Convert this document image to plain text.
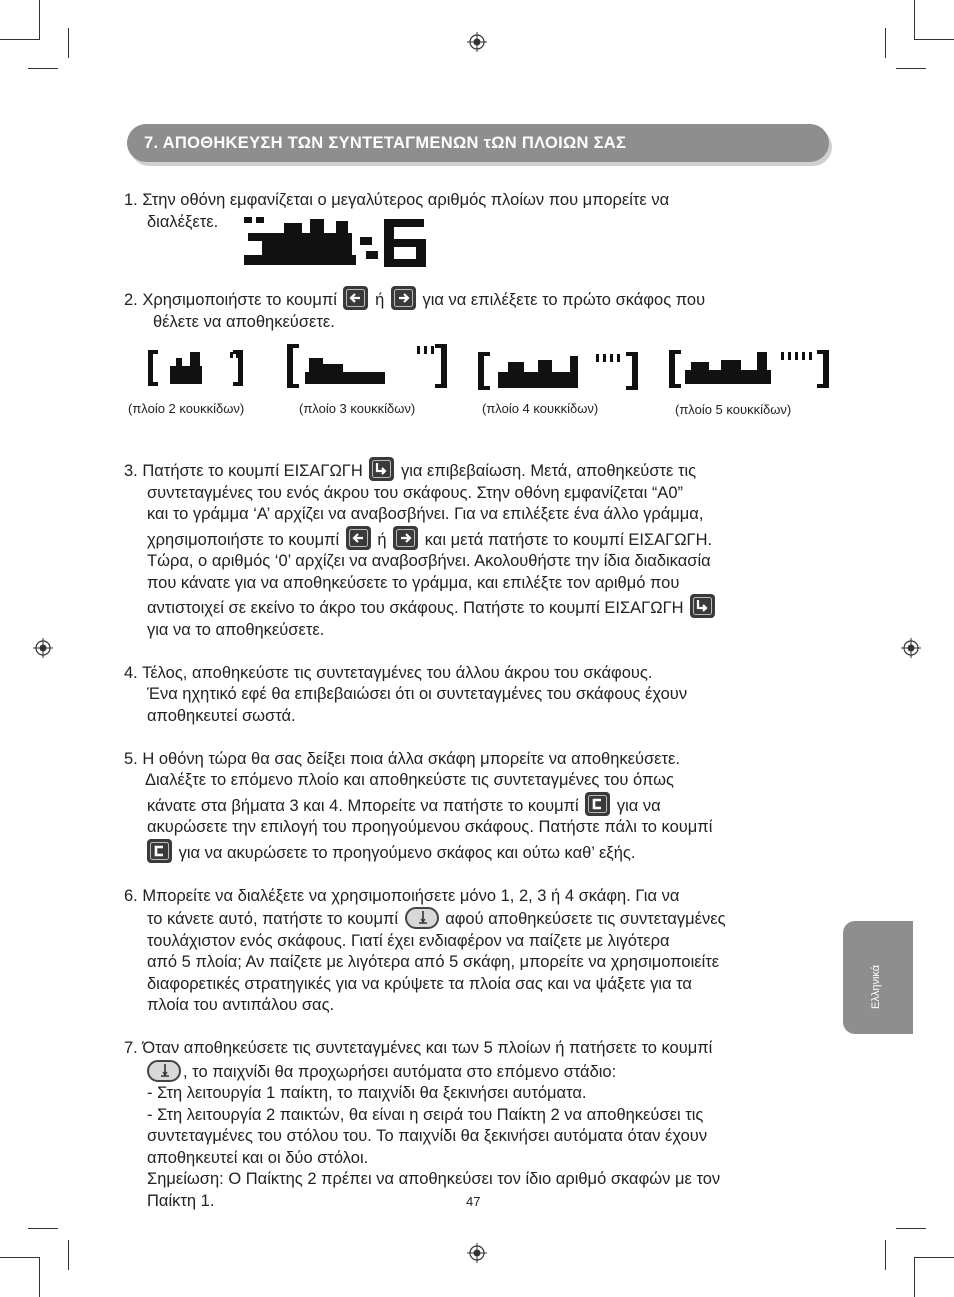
7. ΑΠΟΘΗΚΕΥΣΗ ΤΩΝ ΣΥΝΤΕΤΑΓΜΕΝΩΝ τΩΝ ΠΛΟΙΩΝ ΣΑΣ
(πλοίο 2 κουκκίδων)	(πλοίο 3 κουκκίδων)	(πλοίο 4 κουκκίδων)	(πλοίο 5 κουκκίδων)
1. Στην οθόνη εμφανίζεται ο μεγαλύτερος αριθμός πλοίων που μπορείτε να
διαλέξετε.
2. Χρησιμοποιήστε το κουμπί ή για να επιλέξετε το πρώτο σκάφος που
θέλετε να αποθηκεύσετε.
3. Πατήστε το κουμπί ΕΙΣΑΓΩΓΗ για επιβεβαίωση. Μετά, αποθηκεύστε τις
συντεταγμένες του ενός άκρου του σκάφους. Στην οθόνη εμφανίζεται “A0”
και το γράμμα ‘A’ αρχίζει να αναβοσβήνει. Για να επιλέξετε ένα άλλο γράμμα,
χρησιμοποιήστε το κουμπί ή και μετά πατήστε το κουμπί ΕΙΣΑΓΩΓΗ.
Τώρα, ο αριθμός ‘0’ αρχίζει να αναβοσβήνει. Ακολουθήστε την ίδια διαδικασία
που κάνατε για να αποθηκεύσετε το γράμμα, και επιλέξτε τον αριθμό που
αντιστοιχεί σε εκείνο το άκρο του σκάφους. Πατήστε το κουμπί ΕΙΣΑΓΩΓΗ
για να το αποθηκεύσετε.
4. Τέλος, αποθηκεύστε τις συντεταγμένες του άλλου άκρου του σκάφους.
Ένα ηχητικό εφέ θα επιβεβαιώσει ότι οι συντεταγμένες του σκάφους έχουν
αποθηκευτεί σωστά.
5. Η οθόνη τώρα θα σας δείξει ποια άλλα σκάφη μπορείτε να αποθηκεύσετε.
Διαλέξτε το επόμενο πλοίο και αποθηκεύστε τις συντεταγμένες του όπως
κάνατε στα βήματα 3 και 4. Μπορείτε να πατήστε το κουμπί για να
ακυρώσετε την επιλογή του προηγούμενου σκάφους. Πατήστε πάλι το κουμπί
για να ακυρώσετε το προηγούμενο σκάφος και ούτω καθ’ εξής.
6. Μπορείτε να διαλέξετε να χρησιμοποιήσετε μόνο 1, 2, 3 ή 4 σκάφη. Για να
το κάνετε αυτό, πατήστε το κουμπί	αφού αποθηκεύσετε τις συντεταγμένες
τουλάχιστον ενός σκάφους. Γιατί έχει ενδιαφέρον να παίζετε με λιγότερα
από 5 πλοία; Αν παίζετε με λιγότερα από 5 σκάφη, μπορείτε να χρησιμοποιείτε
διαφορετικές στρατηγικές για να κρύψετε τα πλοία σας και να ψάξετε για τα
πλοία του αντιπάλου σας.
7. Όταν αποθηκεύσετε τις συντεταγμένες και των 5 πλοίων ή πατήσετε το κουμπί
, το παιχνίδι θα προχωρήσει αυτόματα στο επόμενο στάδιο:
- Στη λειτουργία 1 παίκτη, το παιχνίδι θα ξεκινήσει αυτόματα.
- Στη λειτουργία 2 παικτών, θα είναι η σειρά του Παίκτη 2 να αποθηκεύσει τις
συντεταγμένες του στόλου του. Το παιχνίδι θα ξεκινήσει αυτόματα όταν έχουν
αποθηκευτεί και οι δύο στόλοι.
Σημείωση: Ο Παίκτης 2 πρέπει να αποθηκεύσει τον ίδιο αριθμό σκαφών με τον
Παίκτη 1.
Ελληνικά
47
